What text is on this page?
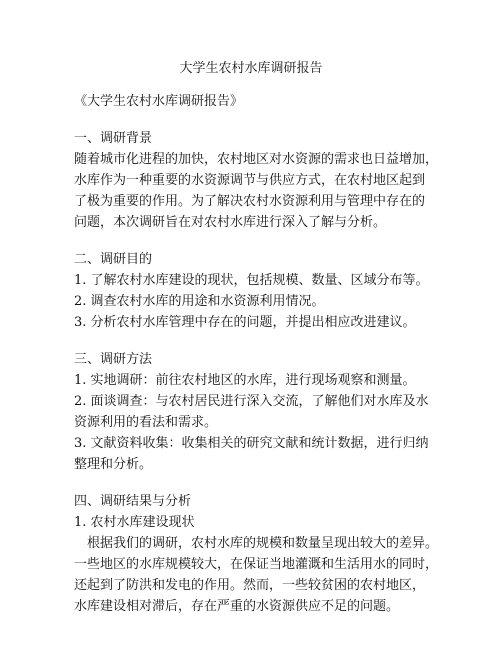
大学生农村水库调研报告

《大学生农村水库调研报告》

一、调研背景

随着城市化进程的加快，农村地区对水资源的需求也日益增加，

水库作为一种重要的水资源调节与供应方式，在农村地区起到

了极为重要的作用。为了解决农村水资源利用与管理中存在的

问题，本次调研旨在对农村水库进行深入了解与分析。

二、调研目的

1. 了解农村水库建设的现状，包括规模、数量、区域分布等。

2. 调查农村水库的用途和水资源利用情况。

3. 分析农村水库管理中存在的问题，并提出相应改进建议。

三、调研方法

1. 实地调研：前往农村地区的水库，进行现场观察和测量。

2. 面谈调查：与农村居民进行深入交流，了解他们对水库及水

资源利用的看法和需求。

3. 文献资料收集：收集相关的研究文献和统计数据，进行归纳

整理和分析。

四、调研结果与分析

1. 农村水库建设现状

根据我们的调研，农村水库的规模和数量呈现出较大的差异。

一些地区的水库规模较大，在保证当地灌溉和生活用水的同时，

还起到了防洪和发电的作用。然而，一些较贫困的农村地区，

水库建设相对滞后，存在严重的水资源供应不足的问题。
